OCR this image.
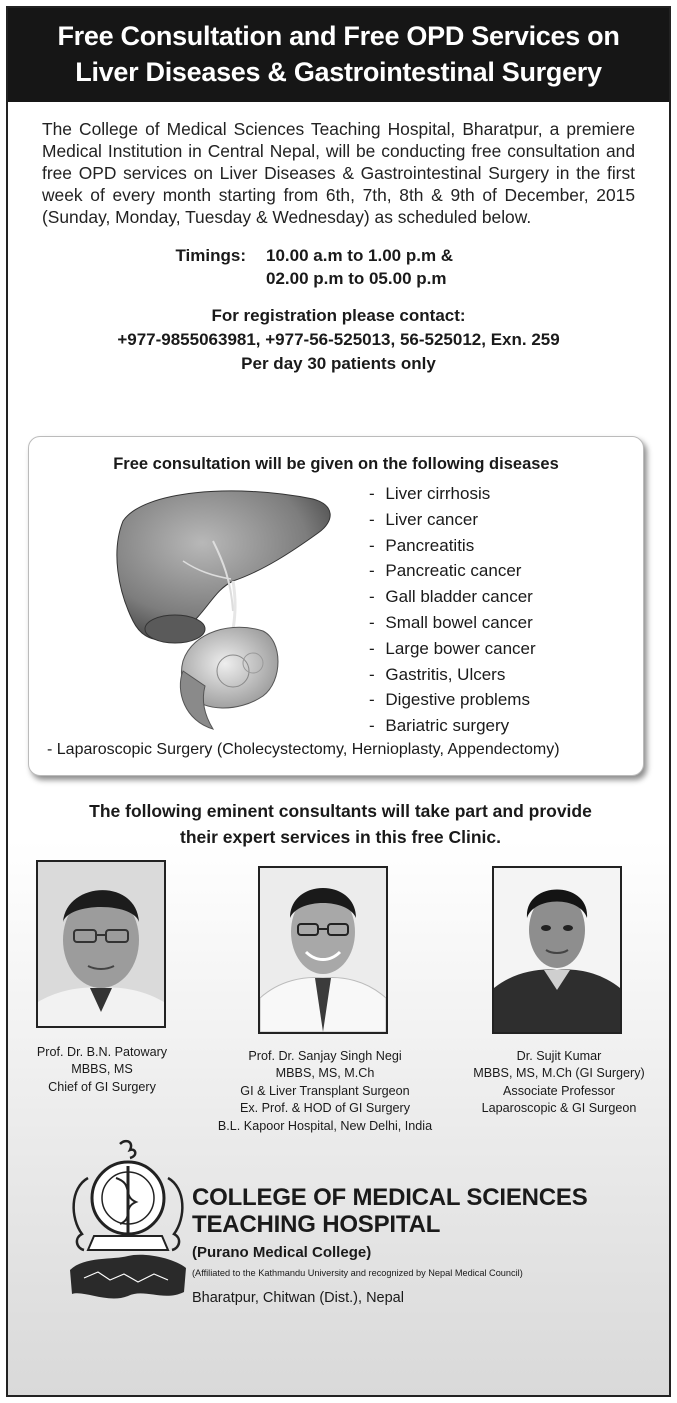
Free Consultation and Free OPD Services on
Liver Diseases & Gastrointestinal Surgery

The College of Medical Sciences Teaching Hospital, Bharatpur, a premiere Medical Institution in Central Nepal, will be conducting free consultation and free OPD services on Liver Diseases & Gastrointestinal Surgery in the first week of every month starting from 6th, 7th, 8th & 9th of December, 2015 (Sunday, Monday, Tuesday & Wednesday) as scheduled below.

Timings:	10.00 a.m to 1.00 p.m &
02.00 p.m to 05.00 p.m
For registration please contact:
+977-9855063981, +977-56-525013, 56-525012, Exn. 259
Per day 30 patients only
Free consultation will be given on the following diseases
- Liver cirrhosis
- Liver cancer
- Pancreatitis
- Pancreatic cancer
- Gall bladder cancer
- Small bowel cancer
- Large bower cancer
- Gastritis, Ulcers
- Digestive problems
- Bariatric surgery
- Laparoscopic Surgery (Cholecystectomy, Hernioplasty, Appendectomy)
The following eminent consultants will take part and provide
their expert services in this free Clinic.
Prof. Dr. B.N. Patowary
MBBS, MS
Chief of GI Surgery
Prof. Dr. Sanjay Singh Negi
MBBS, MS, M.Ch
GI & Liver Transplant Surgeon
Ex. Prof. & HOD of GI Surgery
B.L. Kapoor Hospital, New Delhi, India
Dr. Sujit Kumar
MBBS, MS, M.Ch (GI Surgery)
Associate Professor
Laparoscopic & GI Surgeon
COLLEGE OF MEDICAL SCIENCES
TEACHING HOSPITAL
(Purano Medical College)
(Affiliated to the Kathmandu University and recognized by Nepal Medical Council)
Bharatpur, Chitwan (Dist.), Nepal
